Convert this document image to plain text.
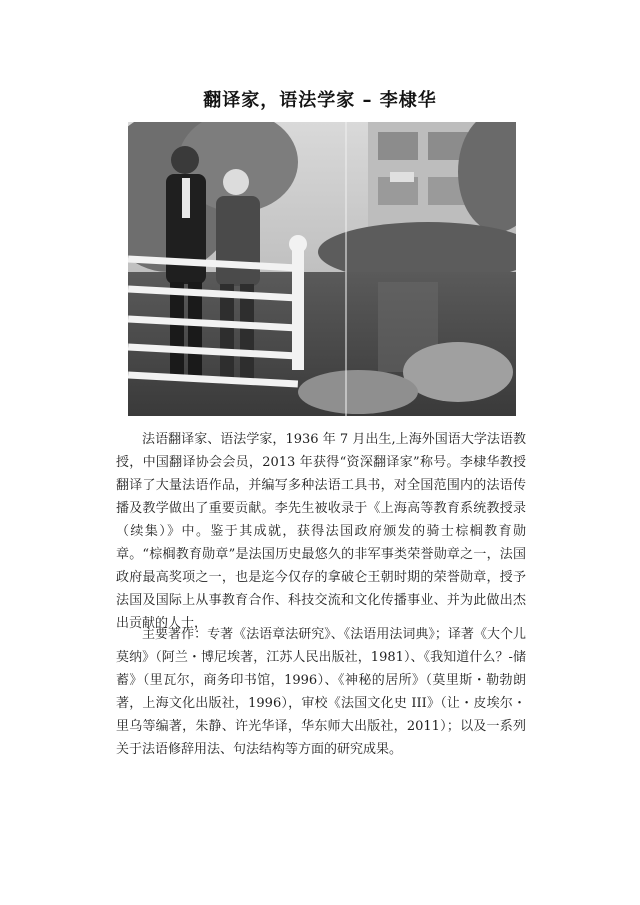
翻译家，语法学家 – 李棣华
法语翻译家、语法学家，1936 年 7 月出生,上海外国语大学法语教授，中国翻译协会会员，2013 年获得“资深翻译家”称号。李棣华教授翻译了大量法语作品，并编写多种法语工具书，对全国范围内的法语传播及教学做出了重要贡献。李先生被收录于《上海高等教育系统教授录（续集）》中。鉴于其成就，获得法国政府颁发的骑士棕榈教育勋章。“棕榈教育勋章”是法国历史最悠久的非军事类荣誉勋章之一，法国政府最高奖项之一，也是迄今仅存的拿破仑王朝时期的荣誉勋章，授予法国及国际上从事教育合作、科技交流和文化传播事业、并为此做出杰出贡献的人士，
主要著作：专著《法语章法研究》、《法语用法词典》；译著《大个儿莫纳》（阿兰・博尼埃著，江苏人民出版社，1981）、《我知道什么？-储蓄》（里瓦尔，商务印书馆，1996）、《神秘的居所》（莫里斯・勒勃朗著，上海文化出版社，1996），审校《法国文化史 III》（让・皮埃尔・里乌等编著，朱静、许光华译，华东师大出版社，2011）；以及一系列关于法语修辞用法、句法结构等方面的研究成果。
